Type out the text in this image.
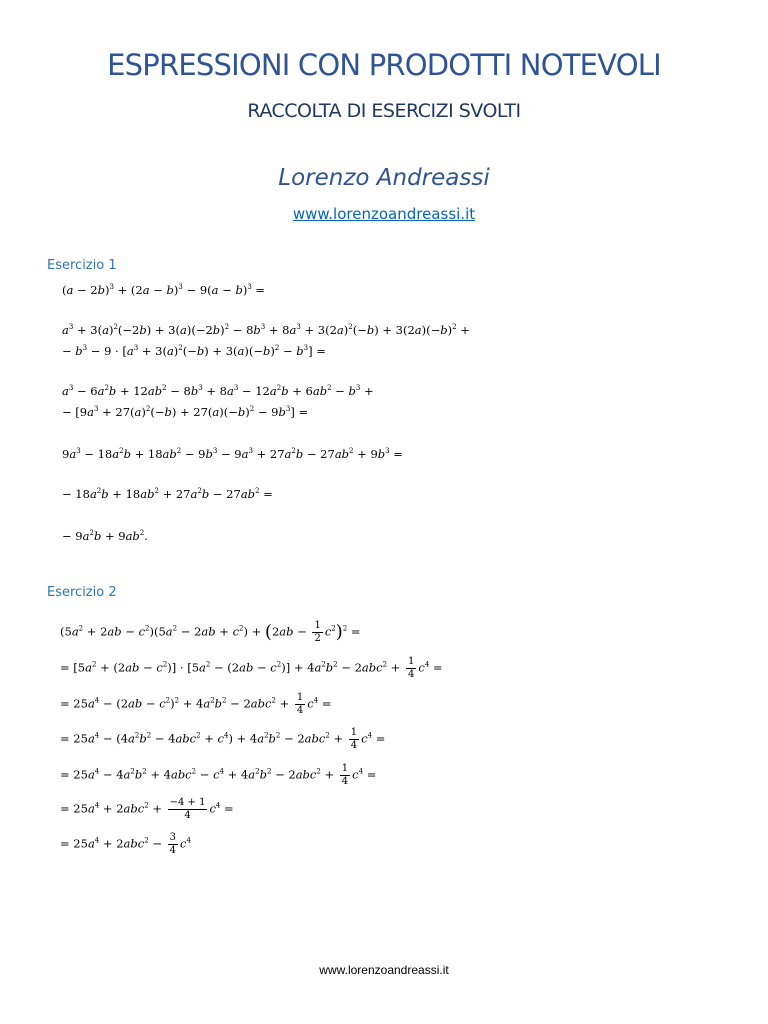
ESPRESSIONI CON PRODOTTI NOTEVOLI
RACCOLTA DI ESERCIZI SVOLTI
Lorenzo Andreassi
www.lorenzoandreassi.it
Esercizio 1
$(a - 2b)^3 + (2a - b)^3 - 9(a - b)^3$ =
$a^3 + 3(a)^2(-2b) + 3(a)(-2b)^2 - 8b^3 + 8a^3 + 3(2a)^2(-b) + 3(2a)(-b)^2$ +
− $b^3 - 9 \cdot [a^3 + 3(a)^2(-b) + 3(a)(-b)^2 - b^3]$ =
$a^3 - 6a^2b + 12ab^2 - 8b^3 + 8a^3 - 12a^2b + 6ab^2 - b^3$ +
− $[9a^3 + 27(a)^2(-b) + 27(a)(-b)^2 - 9b^3]$ =
$9a^3 - 18a^2b + 18ab^2 - 9b^3 - 9a^3 + 27a^2b - 27ab^2 + 9b^3$ =
− $18a^2b + 18ab^2 + 27a^2b - 27ab^2$ =
− $9a^2b + 9ab^2$.
Esercizio 2
$(5a^2 + 2ab - c^2)(5a^2 - 2ab + c^2) + (2ab - \frac{1}{2} c^2)^2$ =
= $[5a^2 + (2ab - c^2)] \cdot [5a^2 - (2ab - c^2)] + 4a^2b^2 - 2abc^2 + \frac{1}{4} c^4$ =
= $25a^4 - (2ab - c^2)^2 + 4a^2b^2 - 2abc^2 + \frac{1}{4} c^4$ =
= $25a^4 - (4a^2b^2 - 4abc^2 + c^4) + 4a^2b^2 - 2abc^2 + \frac{1}{4} c^4$ =
= $25a^4 - 4a^2b^2 + 4abc^2 - c^4 + 4a^2b^2 - 2abc^2 + \frac{1}{4} c^4$ =
= $25a^4 + 2abc^2 + \frac{-4 + 1}{4} c^4$ =
= $25a^4 + 2abc^2 - \frac{3}{4} c^4$
www.lorenzoandreassi.it
